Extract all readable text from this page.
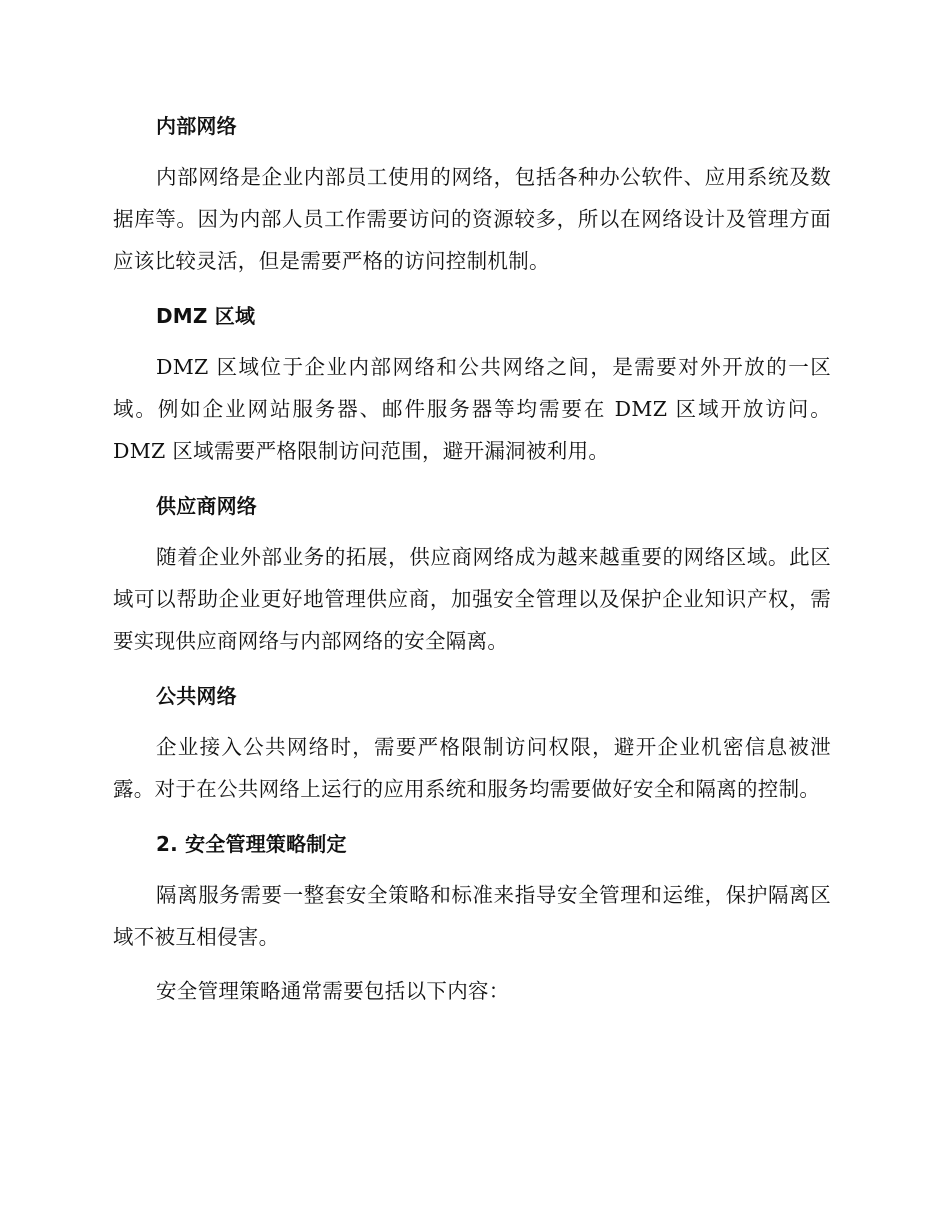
内部网络

内部网络是企业内部员工使用的网络，包括各种办公软件、应用系统及数据库等。因为内部人员工作需要访问的资源较多，所以在网络设计及管理方面应该比较灵活，但是需要严格的访问控制机制。

DMZ 区域

DMZ 区域位于企业内部网络和公共网络之间，是需要对外开放的一区域。例如企业网站服务器、邮件服务器等均需要在 DMZ 区域开放访问。DMZ 区域需要严格限制访问范围，避开漏洞被利用。

供应商网络

随着企业外部业务的拓展，供应商网络成为越来越重要的网络区域。此区域可以帮助企业更好地管理供应商，加强安全管理以及保护企业知识产权，需要实现供应商网络与内部网络的安全隔离。

公共网络

企业接入公共网络时，需要严格限制访问权限，避开企业机密信息被泄露。对于在公共网络上运行的应用系统和服务均需要做好安全和隔离的控制。

2. 安全管理策略制定

隔离服务需要一整套安全策略和标准来指导安全管理和运维，保护隔离区域不被互相侵害。

安全管理策略通常需要包括以下内容：
